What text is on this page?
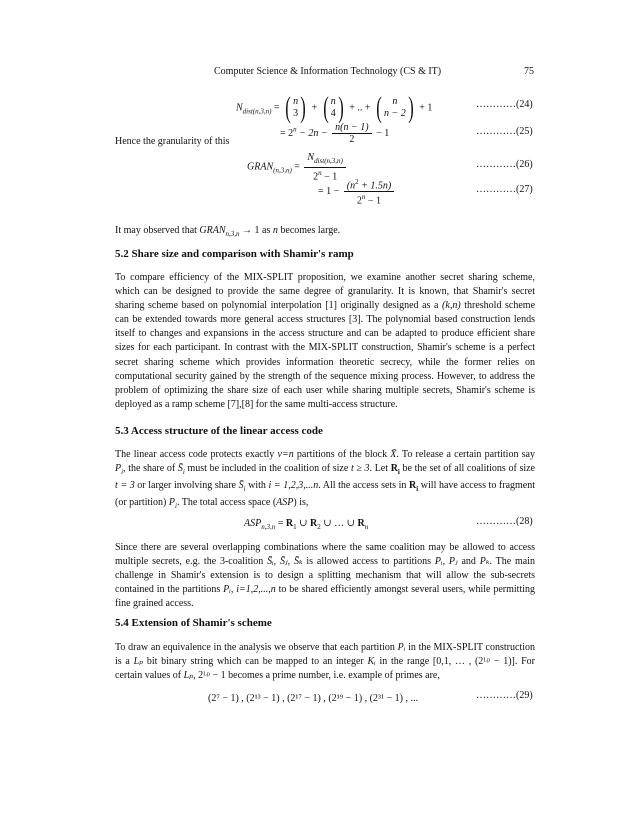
Computer Science & Information Technology (CS & IT)	75
$N_{dist(n,3,n)}$ = ( n
3 ) + ( n
4 ) + .. + (	n
n − 2 ) + 1	…………(24)
Hence the granularity of this
= $2^n - 2n - \frac{n(n - 1)}{2} - 1$	…………(25)
$GRAN_{(n,3,n)} = \frac{N_{dist(n,3,n)}}{2^n - 1}$	…………(26)
= $1 - \frac{(n^2 + 1.5n)}{2^n - 1}$	…………(27)
It may observed that $GRAN_{n,3,n} \to 1$ as n becomes large.
5.2 Share size and comparison with Shamir's ramp
To compare efficiency of the MIX-SPLIT proposition, we examine another secret sharing scheme, which can be designed to provide the same degree of granularity. It is known, that Shamir's secret sharing scheme based on polynomial interpolation [1] originally designed as a (k,n) threshold scheme can be extended towards more general access structures [3]. The polynomial based construction lends itself to changes and expansions in the access structure and can be adapted to produce efficient share sizes for each participant. In contrast with the MIX-SPLIT construction, Shamir's scheme is a perfect secret sharing scheme which provides information theoretic secrecy, while the former relies on computational security gained by the strength of the sequence mixing process. However, to address the problem of optimizing the share size of each user while sharing multiple secrets, Shamir's scheme is deployed as a ramp scheme [7],[8] for the same multi-access structure.
5.3 Access structure of the linear access code
The linear access code protects exactly v=n partitions of the block X̄. To release a certain partition say $P_i$, the share of $S̄_i$ must be included in the coalition of size t ≥ 3. Let $R_i$ be the set of all coalitions of size t = 3 or larger involving share $S̄_i$ with i = 1,2,3,...n. All the access sets in $R_i$ will have access to fragment (or partition) $P_i$. The total access space (ASP) is,
$ASP_{n,3,n} = R_1$ ∪ $R_2$ ∪ … ∪ $R_n$	…………(28)
Since there are several overlapping combinations where the same coalition may be allowed to access multiple secrets, e.g. the 3-coalition S̄ᵢ, S̄ⱼ, S̄ₖ is allowed access to partitions Pᵢ, Pⱼ and Pₖ. The main challenge in Shamir's extension is to design a splitting mechanism that will allow the sub-secrets contained in the partitions Pᵢ, i=1,2,...,n to be shared efficiently amongst several users, while permitting fine grained access.
5.4 Extension of Shamir's scheme
To draw an equivalence in the analysis we observe that each partition Pᵢ in the MIX-SPLIT construction is a Lₚ bit binary string which can be mapped to an integer Kᵢ in the range [0,1, … , (2ᴸᵖ − 1)]. For certain values of Lₚ, 2ᴸᵖ − 1 becomes a prime number, i.e. example of primes are,
(2⁷ − 1) , (2¹³ − 1) , (2¹⁷ − 1) , (2¹⁹ − 1) , (2³¹ − 1) , ...	…………(29)
